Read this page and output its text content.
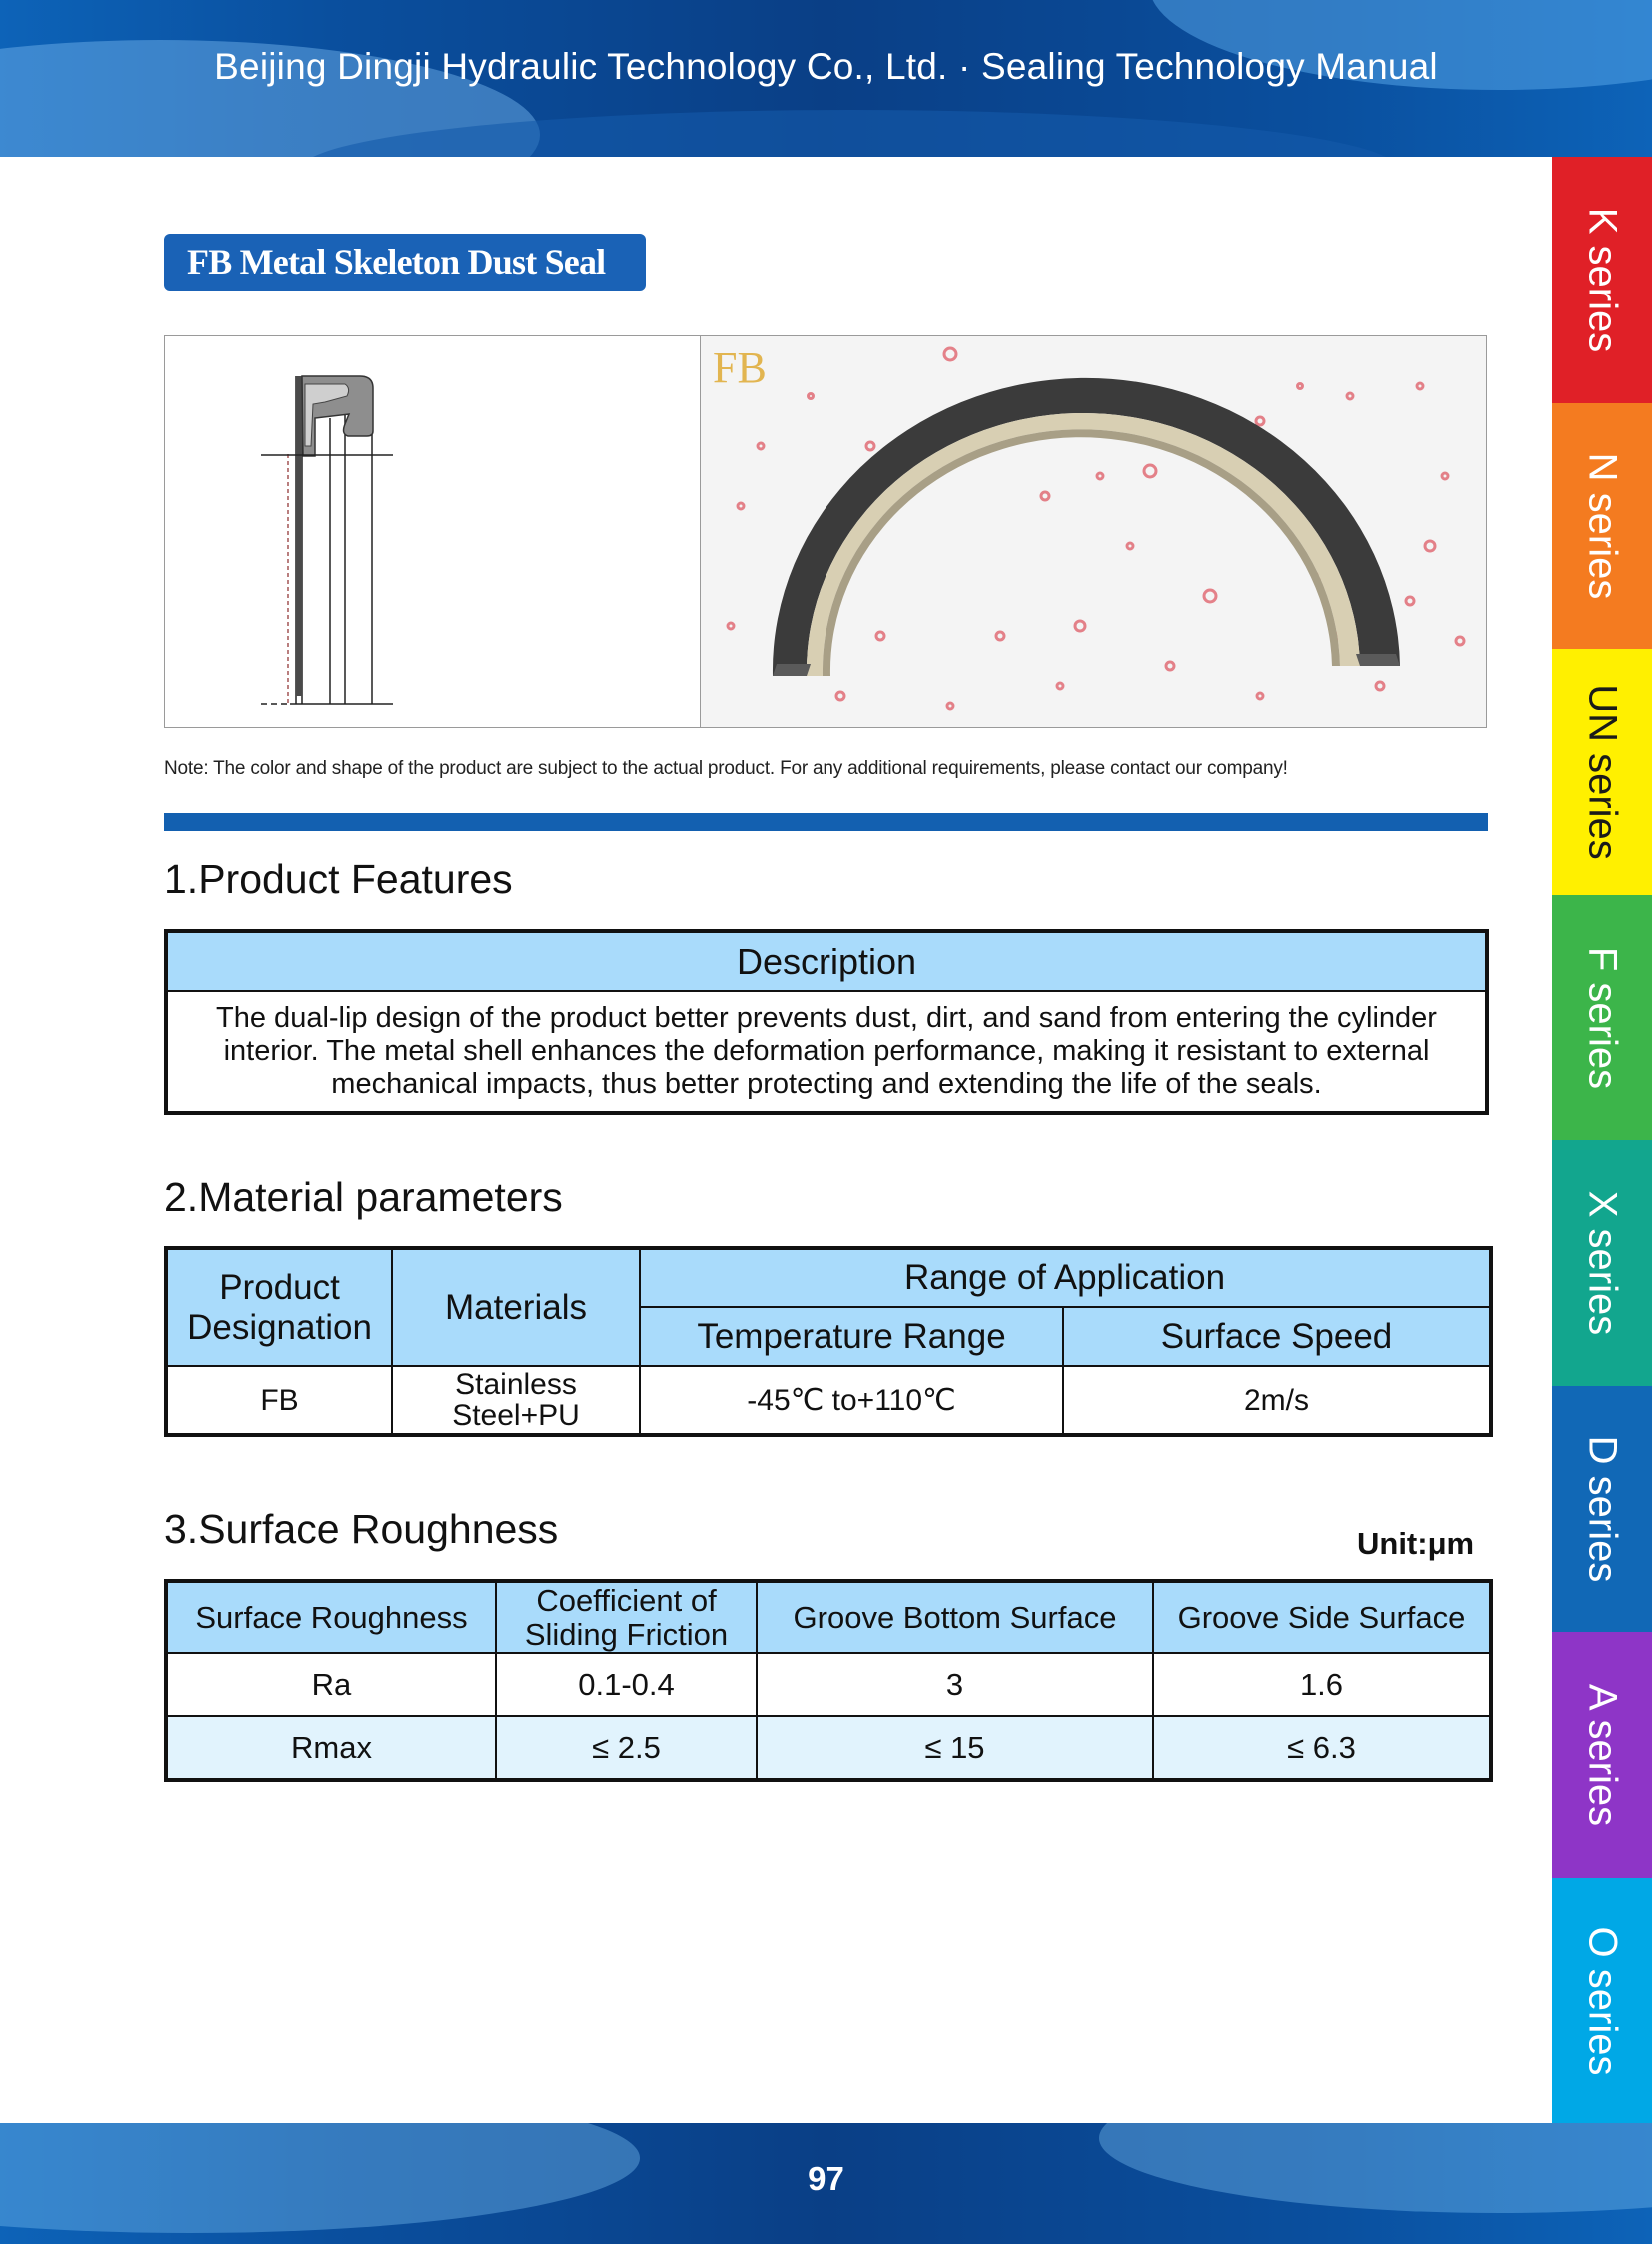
Beijing Dingji Hydraulic Technology Co., Ltd. · Sealing Technology Manual
K series
N series
UN series
F series
X series
D series
A series
O series
FB Metal Skeleton Dust Seal
FB
Note: The color and shape of the product are subject to the actual product. For any additional requirements, please contact our company!
1.Product Features
Description
The dual-lip design of the product better prevents dust, dirt, and sand from entering the cylinder interior. The metal shell enhances the deformation performance, making it resistant to external mechanical impacts, thus better protecting and extending the life of the seals.
2.Material parameters
Product Designation	Materials	Range of Application	
		Temperature Range	Surface Speed
FB	Stainless Steel+PU	-45℃ to+110℃	2m/s
3.Surface Roughness	Unit:μm
Surface Roughness	Coefficient of Sliding Friction	Groove Bottom Surface	Groove Side Surface
Ra	0.1-0.4	3	1.6
Rmax	≤ 2.5	≤ 15	≤ 6.3
97
